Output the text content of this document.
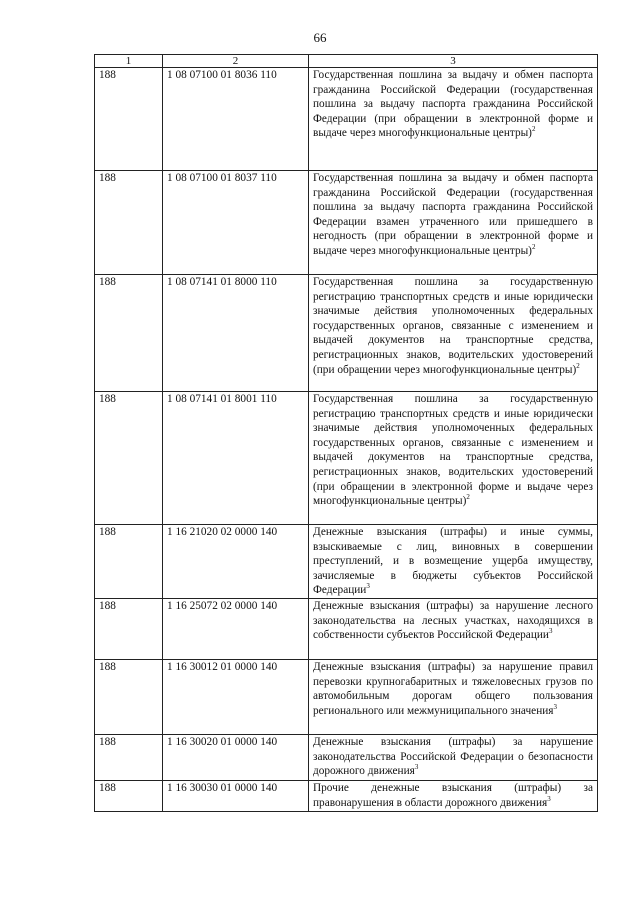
66
1	2	3
188	1 08 07100 01 8036 110	Государственная пошлина за выдачу и обмен паспорта гражданина Российской Федерации (государственная пошлина за выдачу паспорта гражданина Российской Федерации (при обращении в электронной форме и выдаче через многофункциональные центры)$^2$
188	1 08 07100 01 8037 110	Государственная пошлина за выдачу и обмен паспорта гражданина Российской Федерации (государственная пошлина за выдачу паспорта гражданина Российской Федерации взамен утраченного или пришедшего в негодность (при обращении в электронной форме и выдаче через многофункциональные центры)$^2$
188	1 08 07141 01 8000 110	Государственная пошлина за государственную регистрацию транспортных средств и иные юридически значимые действия уполномоченных федеральных государственных органов, связанные с изменением и выдачей документов на транспортные средства, регистрационных знаков, водительских удостоверений (при обращении через многофункциональные центры)$^2$
188	1 08 07141 01 8001 110	Государственная пошлина за государственную регистрацию транспортных средств и иные юридически значимые действия уполномоченных федеральных государственных органов, связанные с изменением и выдачей документов на транспортные средства, регистрационных знаков, водительских удостоверений (при обращении в электронной форме и выдаче через многофункциональные центры)$^2$
188	1 16 21020 02 0000 140	Денежные взыскания (штрафы) и иные суммы, взыскиваемые с лиц, виновных в совершении преступлений, и в возмещение ущерба имуществу, зачисляемые в бюджеты субъектов Российской Федерации$^3$
188	1 16 25072 02 0000 140	Денежные взыскания (штрафы) за нарушение лесного законодательства на лесных участках, находящихся в собственности субъектов Российской Федерации$^3$
188	1 16 30012 01 0000 140	Денежные взыскания (штрафы) за нарушение правил перевозки крупногабаритных и тяжеловесных грузов по автомобильным дорогам общего пользования регионального или межмуниципального значения$^3$
188	1 16 30020 01 0000 140	Денежные взыскания (штрафы) за нарушение законодательства Российской Федерации о безопасности дорожного движения$^3$
188	1 16 30030 01 0000 140	Прочие денежные взыскания (штрафы) за правонарушения в области дорожного движения$^3$
